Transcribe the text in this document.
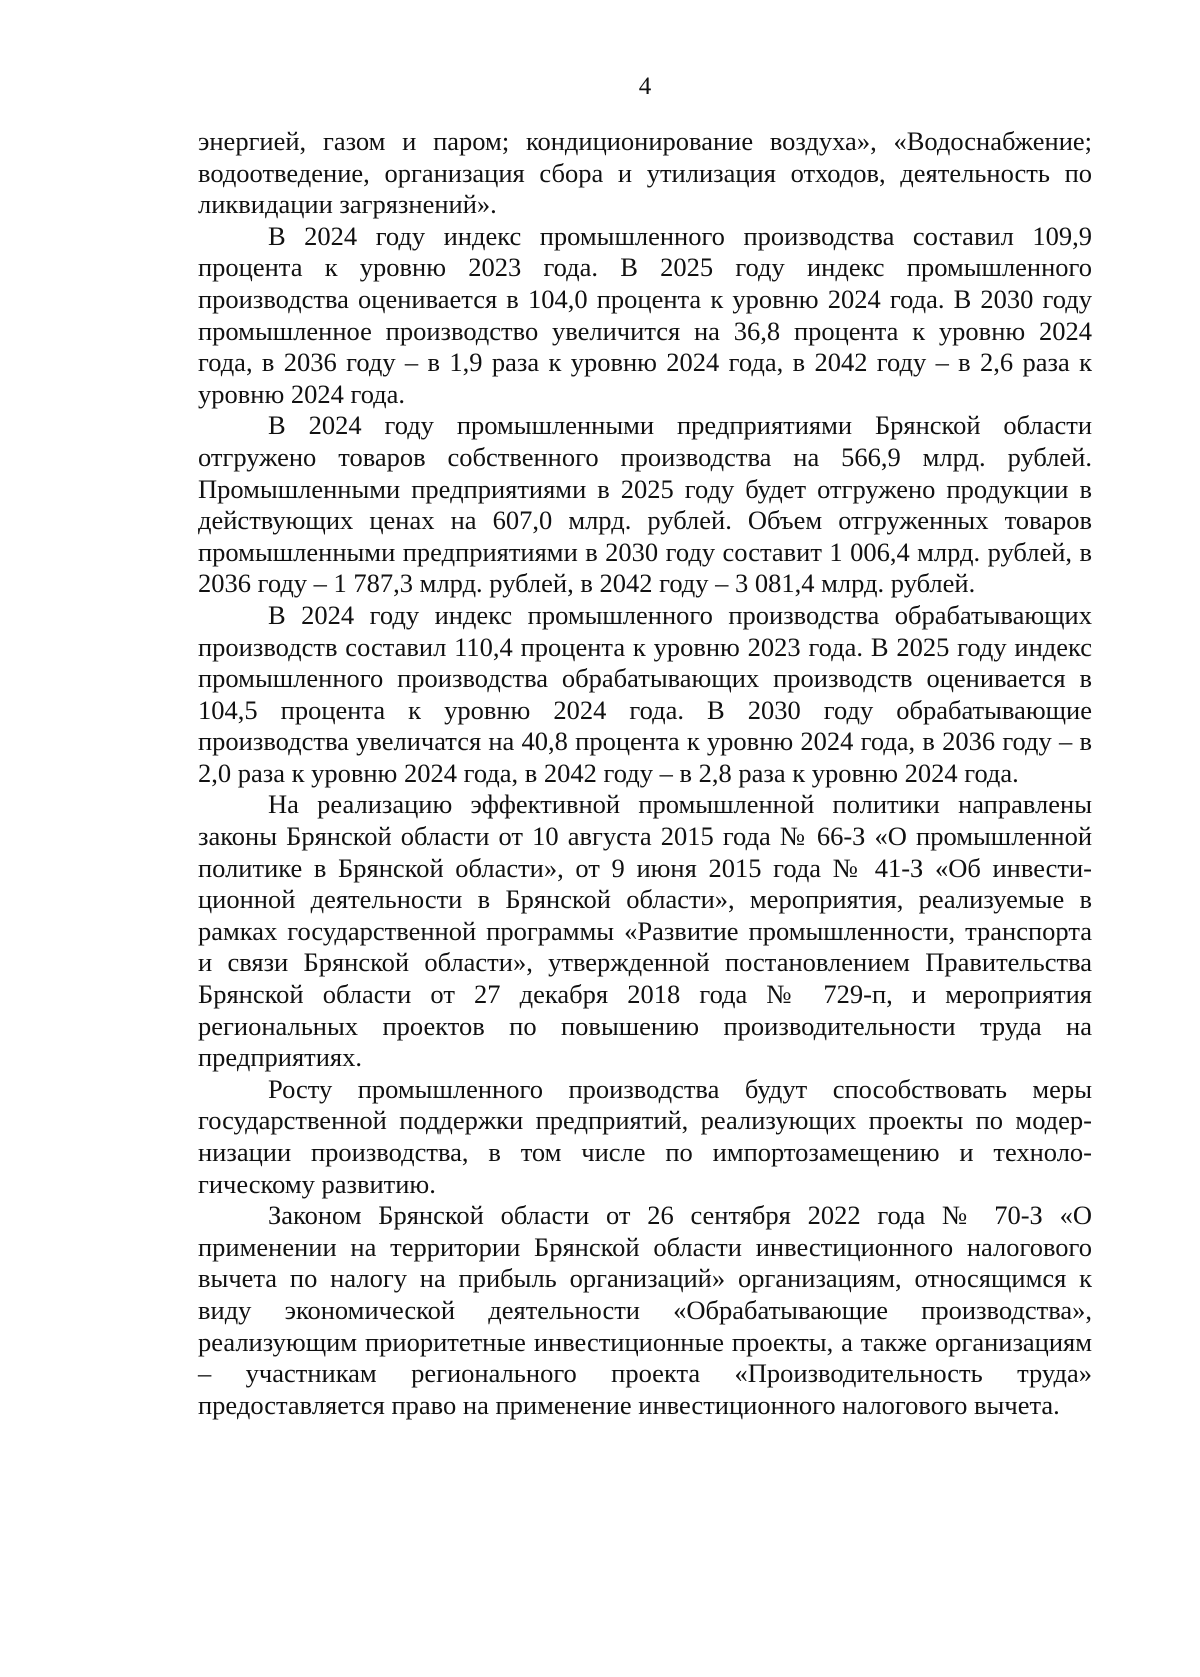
4

энергией, газом и паром; кондиционирование воздуха», «Водоснабжение; водоотведение, организация сбора и утилизация отходов, деятельность по ликвидации загрязнений».

В 2024 году индекс промышленного производства составил 109,9 процента к уровню 2023 года. В 2025 году индекс промышленного производства оценивается в 104,0 процента к уровню 2024 года. В 2030 году промышленное производство увеличится на 36,8 процента к уровню 2024 года, в 2036 году – в 1,9 раза к уровню 2024 года, в 2042 году – в 2,6 раза к уровню 2024 года.

В 2024 году промышленными предприятиями Брянской области отгружено товаров собственного производства на 566,9 млрд. рублей. Промышленными предприятиями в 2025 году будет отгружено продукции в действующих ценах на 607,0 млрд. рублей. Объем отгруженных товаров промышленными предприятиями в 2030 году составит 1 006,4 млрд. рублей, в 2036 году – 1 787,3 млрд. рублей, в 2042 году – 3 081,4 млрд. рублей.

В 2024 году индекс промышленного производства обрабатывающих производств составил 110,4 процента к уровню 2023 года. В 2025 году индекс промышленного производства обрабатывающих производств оценивается в 104,5 процента к уровню 2024 года. В 2030 году обрабатывающие производства увеличатся на 40,8 процента к уровню 2024 года, в 2036 году – в 2,0 раза к уровню 2024 года, в 2042 году – в 2,8 раза к уровню 2024 года.

На реализацию эффективной промышленной политики направлены законы Брянской области от 10 августа 2015 года № 66-З «О промышленной политике в Брянской области», от 9 июня 2015 года № 41-З «Об инвестиционной деятельности в Брянской области», мероприятия, реализуемые в рамках государственной программы «Развитие промышленности, транспорта и связи Брянской области», утвержденной постановлением Правительства Брянской области от 27 декабря 2018 года № 729-п, и мероприятия региональных проектов по повышению производительности труда на предприятиях.

Росту промышленного производства будут способствовать меры государственной поддержки предприятий, реализующих проекты по модернизации производства, в том числе по импортозамещению и технологическому развитию.

Законом Брянской области от 26 сентября 2022 года № 70-З «О применении на территории Брянской области инвестиционного налогового вычета по налогу на прибыль организаций» организациям, относящимся к виду экономической деятельности «Обрабатывающие производства», реализующим приоритетные инвестиционные проекты, а также организациям – участникам регионального проекта «Производительность труда» предоставляется право на применение инвестиционного налогового вычета.
